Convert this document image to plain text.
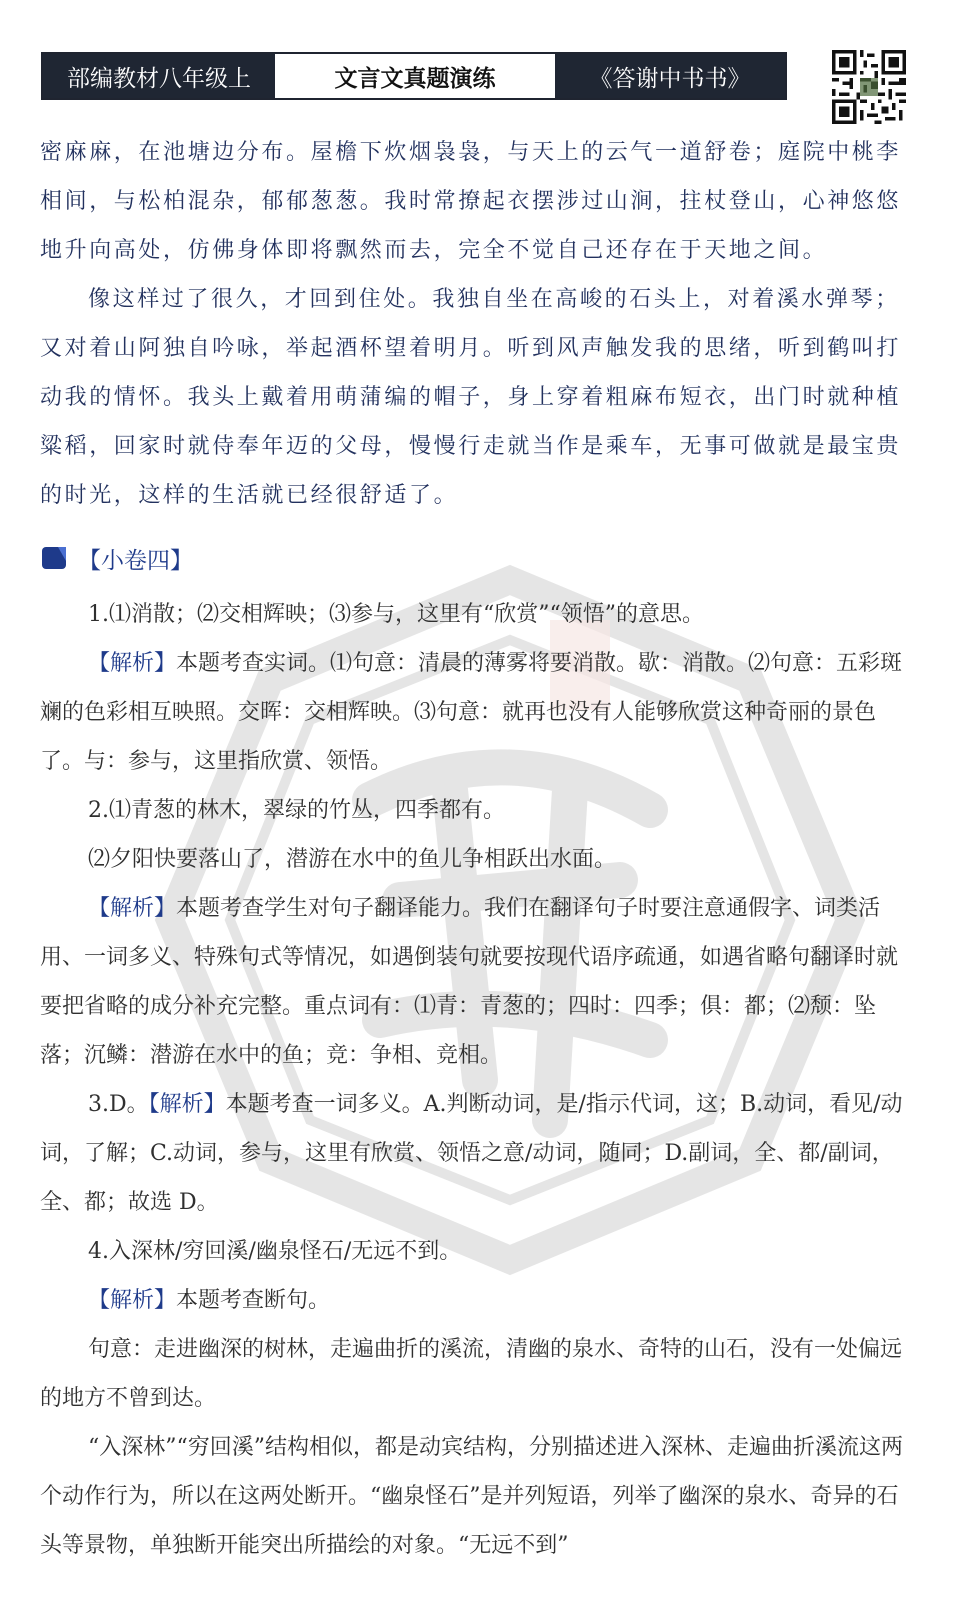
部编教材八年级上	文言文真题演练	《答谢中书书》

密麻麻，在池塘边分布。屋檐下炊烟袅袅，与天上的云气一道舒卷；庭院中桃李相间，与松柏混杂，郁郁葱葱。我时常撩起衣摆涉过山涧，拄杖登山，心神悠悠地升向高处，仿佛身体即将飘然而去，完全不觉自己还存在于天地之间。

像这样过了很久，才回到住处。我独自坐在高峻的石头上，对着溪水弹琴；又对着山阿独自吟咏，举起酒杯望着明月。听到风声触发我的思绪，听到鹤叫打动我的情怀。我头上戴着用萌蒲编的帽子，身上穿着粗麻布短衣，出门时就种植粱稻，回家时就侍奉年迈的父母，慢慢行走就当作是乘车，无事可做就是最宝贵的时光，这样的生活就已经很舒适了。

【小卷四】

1.⑴消散；⑵交相辉映；⑶参与，这里有“欣赏”“领悟”的意思。

【解析】本题考查实词。⑴句意：清晨的薄雾将要消散。歇：消散。⑵句意：五彩斑斓的色彩相互映照。交晖：交相辉映。⑶句意：就再也没有人能够欣赏这种奇丽的景色了。与：参与，这里指欣赏、领悟。

2.⑴青葱的林木，翠绿的竹丛，四季都有。

⑵夕阳快要落山了，潜游在水中的鱼儿争相跃出水面。

【解析】本题考查学生对句子翻译能力。我们在翻译句子时要注意通假字、词类活用、一词多义、特殊句式等情况，如遇倒装句就要按现代语序疏通，如遇省略句翻译时就要把省略的成分补充完整。重点词有：⑴青：青葱的；四时：四季；俱：都；⑵颓：坠落；沉鳞：潜游在水中的鱼；竞：争相、竞相。

3.D。【解析】本题考查一词多义。A.判断动词，是/指示代词，这；B.动词，看见/动词，了解；C.动词，参与，这里有欣赏、领悟之意/动词，随同；D.副词，全、都/副词，全、都；故选 D。

4.入深林/穷回溪/幽泉怪石/无远不到。

【解析】本题考查断句。

句意：走进幽深的树林，走遍曲折的溪流，清幽的泉水、奇特的山石，没有一处偏远的地方不曾到达。

“入深林”“穷回溪”结构相似，都是动宾结构，分别描述进入深林、走遍曲折溪流这两个动作行为，所以在这两处断开。“幽泉怪石”是并列短语，列举了幽深的泉水、奇异的石头等景物，单独断开能突出所描绘的对象。“无远不到”
